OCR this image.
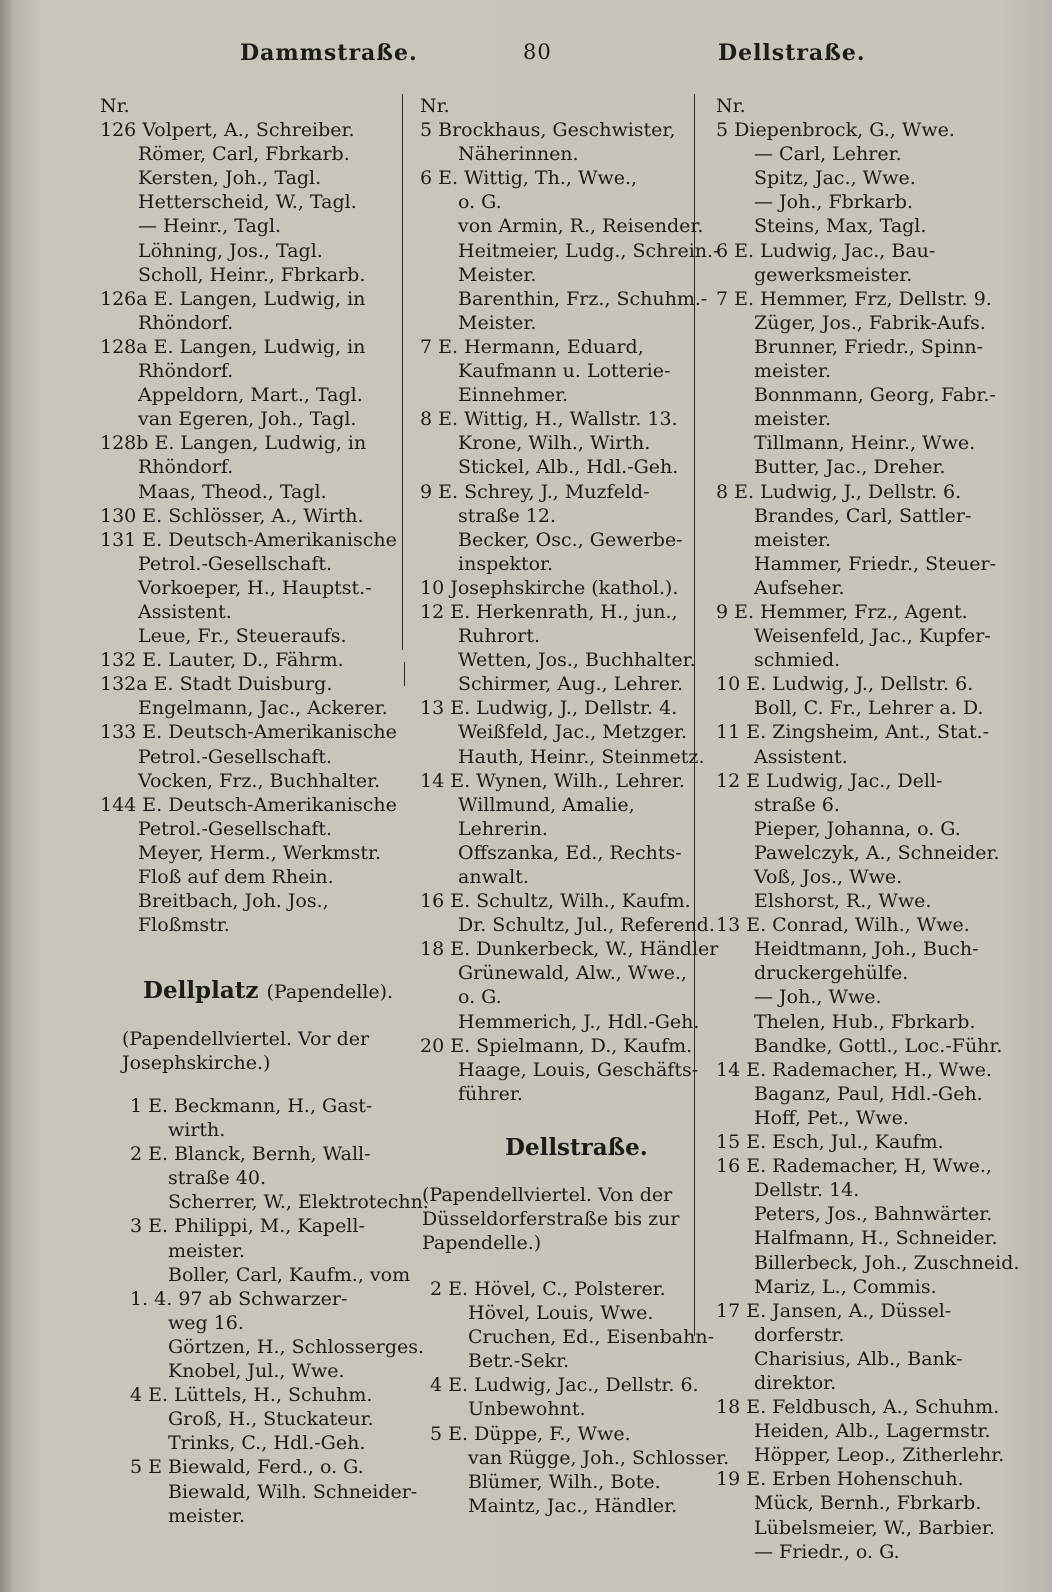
Dammstraße.	80	Dellstraße.
Nr.
126 Volpert, A., Schreiber.
Römer, Carl, Fbrkarb.
Kersten, Joh., Tagl.
Hetterscheid, W., Tagl.
— Heinr., Tagl.
Löhning, Jos., Tagl.
Scholl, Heinr., Fbrkarb.
126a E. Langen, Ludwig, in
Rhöndorf.
128a E. Langen, Ludwig, in
Rhöndorf.
Appeldorn, Mart., Tagl.
van Egeren, Joh., Tagl.
128b E. Langen, Ludwig, in
Rhöndorf.
Maas, Theod., Tagl.
130 E. Schlösser, A., Wirth.
131 E. Deutsch-Amerikanische
Petrol.-Gesellschaft.
Vorkoeper, H., Hauptst.-
Assistent.
Leue, Fr., Steueraufs.
132 E. Lauter, D., Fährm.
132a E. Stadt Duisburg.
Engelmann, Jac., Ackerer.
133 E. Deutsch-Amerikanische
Petrol.-Gesellschaft.
Vocken, Frz., Buchhalter.
144 E. Deutsch-Amerikanische
Petrol.-Gesellschaft.
Meyer, Herm., Werkmstr.
Floß auf dem Rhein.
Breitbach, Joh. Jos.,
Floßmstr.
Dellplatz (Papendelle).
(Papendellviertel. Vor der Josephskirche.)
1 E. Beckmann, H., Gast-
wirth.
2 E. Blanck, Bernh, Wall-
straße 40.
Scherrer, W., Elektrotechn.
3 E. Philippi, M., Kapell-
meister.
Boller, Carl, Kaufm., vom
1. 4. 97 ab Schwarzer-
weg 16.
Görtzen, H., Schlosserges.
Knobel, Jul., Wwe.
4 E. Lüttels, H., Schuhm.
Groß, H., Stuckateur.
Trinks, C., Hdl.-Geh.
5 E Biewald, Ferd., o. G.
Biewald, Wilh. Schneider-
meister.
Nr.
5 Brockhaus, Geschwister,
Näherinnen.
6 E. Wittig, Th., Wwe.,
o. G.
von Armin, R., Reisender.
Heitmeier, Ludg., Schrein.-
Meister.
Barenthin, Frz., Schuhm.-
Meister.
7 E. Hermann, Eduard,
Kaufmann u. Lotterie-
Einnehmer.
8 E. Wittig, H., Wallstr. 13.
Krone, Wilh., Wirth.
Stickel, Alb., Hdl.-Geh.
9 E. Schrey, J., Muzfeld-
straße 12.
Becker, Osc., Gewerbe-
inspektor.
10 Josephskirche (kathol.).
12 E. Herkenrath, H., jun.,
Ruhrort.
Wetten, Jos., Buchhalter.
Schirmer, Aug., Lehrer.
13 E. Ludwig, J., Dellstr. 4.
Weißfeld, Jac., Metzger.
Hauth, Heinr., Steinmetz.
14 E. Wynen, Wilh., Lehrer.
Willmund, Amalie,
Lehrerin.
Offszanka, Ed., Rechts-
anwalt.
16 E. Schultz, Wilh., Kaufm.
Dr. Schultz, Jul., Referend.
18 E. Dunkerbeck, W., Händler
Grünewald, Alw., Wwe.,
o. G.
Hemmerich, J., Hdl.-Geh.
20 E. Spielmann, D., Kaufm.
Haage, Louis, Geschäfts-
führer.
Dellstraße.
(Papendellviertel. Von der Düsseldorferstraße bis zur Papendelle.)
2 E. Hövel, C., Polsterer.
Hövel, Louis, Wwe.
Cruchen, Ed., Eisenbahn-
Betr.-Sekr.
4 E. Ludwig, Jac., Dellstr. 6.
Unbewohnt.
5 E. Düppe, F., Wwe.
van Rügge, Joh., Schlosser.
Blümer, Wilh., Bote.
Maintz, Jac., Händler.
Nr.
5 Diepenbrock, G., Wwe.
— Carl, Lehrer.
Spitz, Jac., Wwe.
— Joh., Fbrkarb.
Steins, Max, Tagl.
6 E. Ludwig, Jac., Bau-
gewerksmeister.
7 E. Hemmer, Frz, Dellstr. 9.
Züger, Jos., Fabrik-Aufs.
Brunner, Friedr., Spinn-
meister.
Bonnmann, Georg, Fabr.-
meister.
Tillmann, Heinr., Wwe.
Butter, Jac., Dreher.
8 E. Ludwig, J., Dellstr. 6.
Brandes, Carl, Sattler-
meister.
Hammer, Friedr., Steuer-
Aufseher.
9 E. Hemmer, Frz., Agent.
Weisenfeld, Jac., Kupfer-
schmied.
10 E. Ludwig, J., Dellstr. 6.
Boll, C. Fr., Lehrer a. D.
11 E. Zingsheim, Ant., Stat.-
Assistent.
12 E Ludwig, Jac., Dell-
straße 6.
Pieper, Johanna, o. G.
Pawelczyk, A., Schneider.
Voß, Jos., Wwe.
Elshorst, R., Wwe.
13 E. Conrad, Wilh., Wwe.
Heidtmann, Joh., Buch-
druckergehülfe.
— Joh., Wwe.
Thelen, Hub., Fbrkarb.
Bandke, Gottl., Loc.-Führ.
14 E. Rademacher, H., Wwe.
Baganz, Paul, Hdl.-Geh.
Hoff, Pet., Wwe.
15 E. Esch, Jul., Kaufm.
16 E. Rademacher, H, Wwe.,
Dellstr. 14.
Peters, Jos., Bahnwärter.
Halfmann, H., Schneider.
Billerbeck, Joh., Zuschneid.
Mariz, L., Commis.
17 E. Jansen, A., Düssel-
dorferstr.
Charisius, Alb., Bank-
direktor.
18 E. Feldbusch, A., Schuhm.
Heiden, Alb., Lagermstr.
Höpper, Leop., Zitherlehr.
19 E. Erben Hohenschuh.
Mück, Bernh., Fbrkarb.
Lübelsmeier, W., Barbier.
— Friedr., o. G.
